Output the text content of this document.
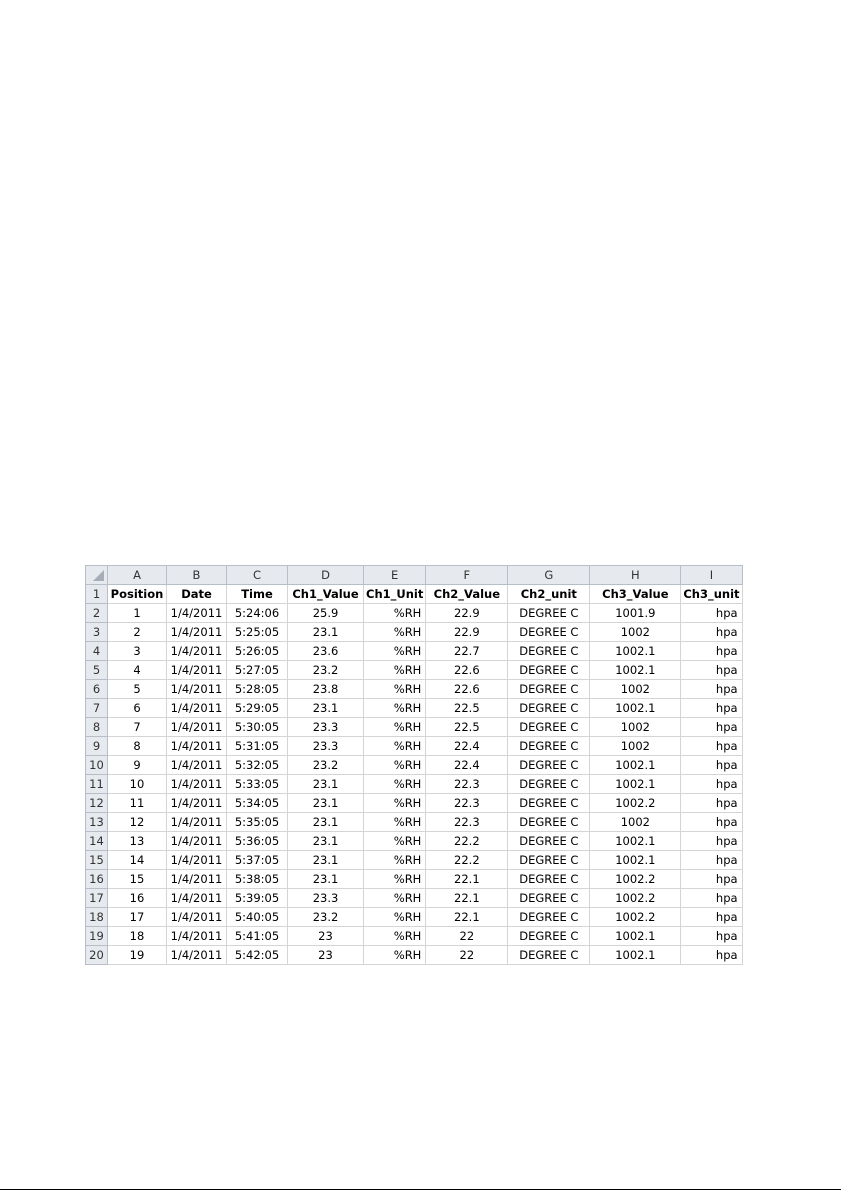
	A	B	C	D	E	F	G	H	I
1	Position	Date	Time	Ch1_Value	Ch1_Unit	Ch2_Value	Ch2_unit	Ch3_Value	Ch3_unit
2	1	1/4/2011	5:24:06	25.9	%RH	22.9	DEGREE C	1001.9	hpa
3	2	1/4/2011	5:25:05	23.1	%RH	22.9	DEGREE C	1002	hpa
4	3	1/4/2011	5:26:05	23.6	%RH	22.7	DEGREE C	1002.1	hpa
5	4	1/4/2011	5:27:05	23.2	%RH	22.6	DEGREE C	1002.1	hpa
6	5	1/4/2011	5:28:05	23.8	%RH	22.6	DEGREE C	1002	hpa
7	6	1/4/2011	5:29:05	23.1	%RH	22.5	DEGREE C	1002.1	hpa
8	7	1/4/2011	5:30:05	23.3	%RH	22.5	DEGREE C	1002	hpa
9	8	1/4/2011	5:31:05	23.3	%RH	22.4	DEGREE C	1002	hpa
10	9	1/4/2011	5:32:05	23.2	%RH	22.4	DEGREE C	1002.1	hpa
11	10	1/4/2011	5:33:05	23.1	%RH	22.3	DEGREE C	1002.1	hpa
12	11	1/4/2011	5:34:05	23.1	%RH	22.3	DEGREE C	1002.2	hpa
13	12	1/4/2011	5:35:05	23.1	%RH	22.3	DEGREE C	1002	hpa
14	13	1/4/2011	5:36:05	23.1	%RH	22.2	DEGREE C	1002.1	hpa
15	14	1/4/2011	5:37:05	23.1	%RH	22.2	DEGREE C	1002.1	hpa
16	15	1/4/2011	5:38:05	23.1	%RH	22.1	DEGREE C	1002.2	hpa
17	16	1/4/2011	5:39:05	23.3	%RH	22.1	DEGREE C	1002.2	hpa
18	17	1/4/2011	5:40:05	23.2	%RH	22.1	DEGREE C	1002.2	hpa
19	18	1/4/2011	5:41:05	23	%RH	22	DEGREE C	1002.1	hpa
20	19	1/4/2011	5:42:05	23	%RH	22	DEGREE C	1002.1	hpa
